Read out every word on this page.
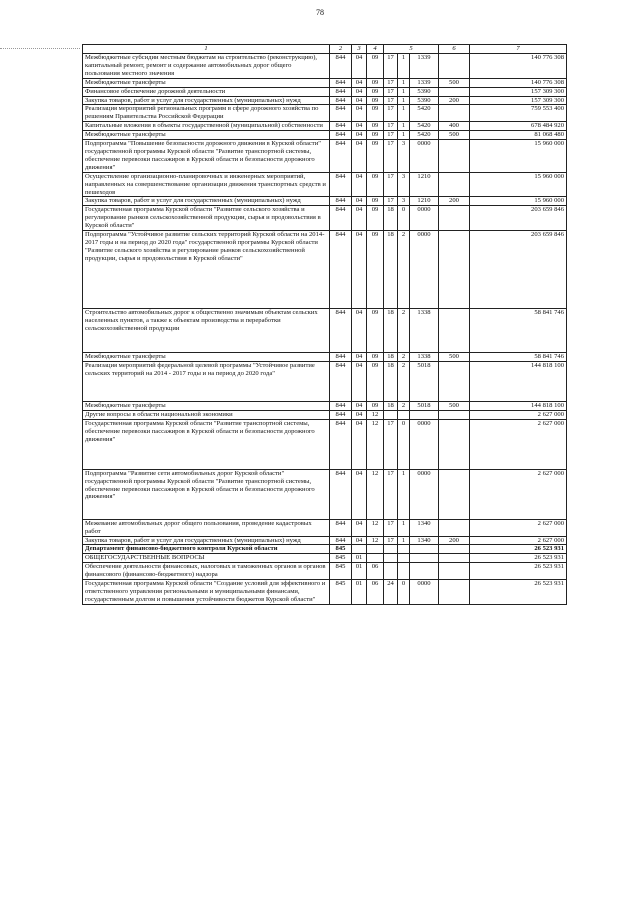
78
1	2	3	4	5			6	7
Межбюджетные субсидии местным бюджетам на строительство (реконструкцию), капитальный ремонт, ремонт и содержание автомобильных дорог общего пользования местного значения	844	04	09	17	1	1339		140 776 308
Межбюджетные трансферты	844	04	09	17	1	1339	500	140 776 308
Финансовое обеспечение дорожной деятельности	844	04	09	17	1	5390		157 309 300
Закупка товаров, работ и услуг для государственных (муниципальных) нужд	844	04	09	17	1	5390	200	157 309 300
Реализация мероприятий региональных программ в сфере дорожного хозяйства по решениям Правительства Российской Федерации	844	04	09	17	1	5420		759 553 400
Капитальные вложения в объекты государственной (муниципальной) собственности	844	04	09	17	1	5420	400	678 484 920
Межбюджетные трансферты	844	04	09	17	1	5420	500	81 068 480
Подпрограмма "Повышение безопасности дорожного движения в Курской области" государственной программы Курской области "Развитие транспортной системы, обеспечение перевозки пассажиров в Курской области и безопасности дорожного движения"	844	04	09	17	3	0000		15 960 000
Осуществление организационно-планировочных и инженерных мероприятий, направленных на совершенствование организации движения транспортных средств и пешеходов	844	04	09	17	3	1210		15 960 000
Закупка товаров, работ и услуг для государственных (муниципальных) нужд	844	04	09	17	3	1210	200	15 960 000
Государственная программа Курской области "Развитие сельского хозяйства и регулирование рынков сельскохозяйственной продукции, сырья и продовольствия в Курской области"	844	04	09	18	0	0000		203 659 846
Подпрограмма "Устойчивое развитие сельских территорий Курской области на 2014-2017 годы и на период до 2020 года" государственной программы Курской области "Развитие сельского хозяйства и регулирование рынков сельскохозяйственной продукции, сырья и продовольствия в Курской области"	844	04	09	18	2	0000		203 659 846
Строительство автомобильных дорог к общественно значимым объектам сельских населенных пунктов, а также к объектам производства и переработки сельскохозяйственной продукции	844	04	09	18	2	1338		58 841 746
Межбюджетные трансферты	844	04	09	18	2	1338	500	58 841 746
Реализация мероприятий федеральной целевой программы "Устойчивое развитие сельских территорий на 2014 - 2017 годы и на период до 2020 года"	844	04	09	18	2	5018		144 818 100
Межбюджетные трансферты	844	04	09	18	2	5018	500	144 818 100
Другие вопросы в области национальной экономики	844	04	12					2 627 000
Государственная программа Курской области "Развитие транспортной системы, обеспечение перевозки пассажиров в Курской области и безопасности дорожного движения"	844	04	12	17	0	0000		2 627 000
Подпрограмма "Развитие сети автомобильных дорог Курской области" государственной программы Курской области "Развитие транспортной системы, обеспечение перевозки пассажиров в Курской области и безопасности дорожного движения"	844	04	12	17	1	0000		2 627 000
Межевание автомобильных дорог общего пользования, проведение кадастровых работ	844	04	12	17	1	1340		2 627 000
Закупка товаров, работ и услуг для государственных (муниципальных) нужд	844	04	12	17	1	1340	200	2 627 000
Департамент финансово-бюджетного контроля Курской области	845							26 523 931
ОБЩЕГОСУДАРСТВЕННЫЕ ВОПРОСЫ	845	01						26 523 931
Обеспечение деятельности финансовых, налоговых и таможенных органов и органов финансового (финансово-бюджетного) надзора	845	01	06					26 523 931
Государственная программа Курской области "Создание условий для эффективного и ответственного управления региональными и муниципальными финансами, государственным долгом и повышения устойчивости бюджетов Курской области"	845	01	06	24	0	0000		26 523 931
